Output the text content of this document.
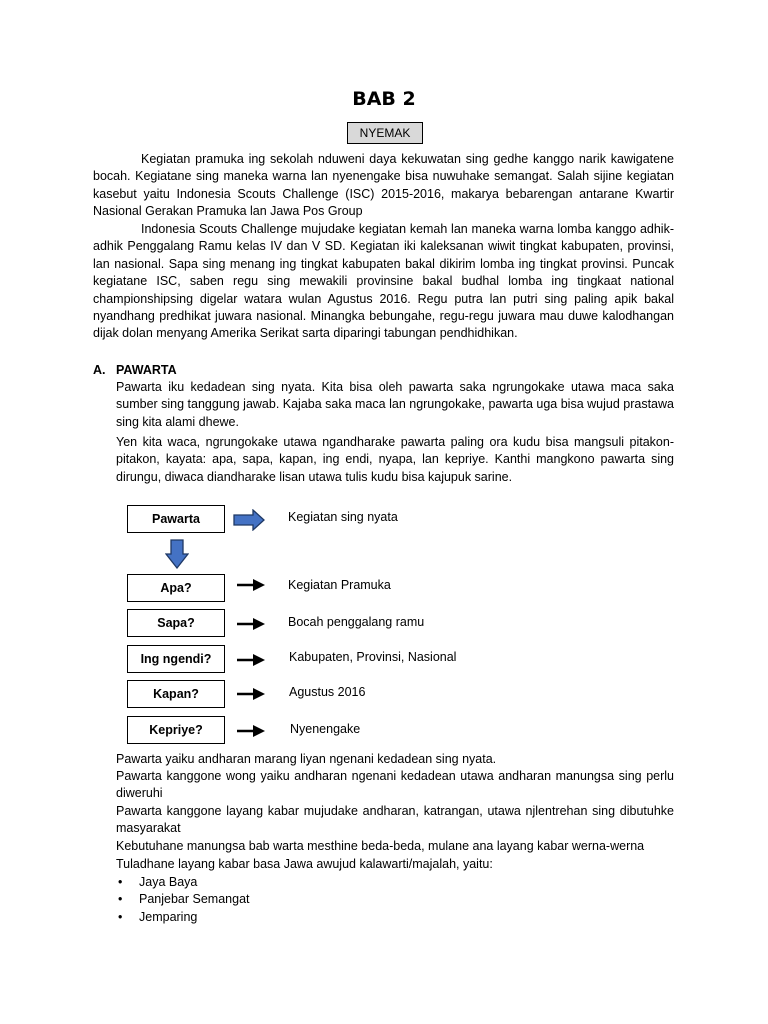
BAB 2
NYEMAK

Kegiatan pramuka ing sekolah nduweni daya kekuwatan sing gedhe kanggo narik kawigatene bocah. Kegiatane sing maneka warna lan nyenengake bisa nuwuhake semangat. Salah sijine kegiatan kasebut yaitu Indonesia Scouts Challenge (ISC) 2015-2016, makarya bebarengan antarane Kwartir Nasional Gerakan Pramuka lan Jawa Pos Group

Indonesia Scouts Challenge mujudake kegiatan kemah lan maneka warna lomba kanggo adhik-adhik Penggalang Ramu kelas IV dan V SD. Kegiatan iki kaleksanan wiwit tingkat kabupaten, provinsi, lan nasional. Sapa sing menang ing tingkat kabupaten bakal dikirim lomba ing tingkat provinsi. Puncak kegiatane ISC, saben regu sing mewakili provinsine bakal budhal lomba ing tingkaat national championshipsing digelar watara wulan Agustus 2016. Regu putra lan putri sing paling apik bakal nyandhang predhikat juwara nasional. Minangka bebungahe, regu-regu juwara mau duwe kalodhangan dijak dolan menyang Amerika Serikat sarta diparingi tabungan pendhidhikan.

A. PAWARTA

Pawarta iku kedadean sing nyata. Kita bisa oleh pawarta saka ngrungokake utawa maca saka sumber sing tanggung jawab. Kajaba saka maca lan ngrungokake, pawarta uga bisa wujud prastawa sing kita alami dhewe.

Yen kita waca, ngrungokake utawa ngandharake pawarta paling ora kudu bisa mangsuli pitakon-pitakon, kayata: apa, sapa, kapan, ing endi, nyapa, lan kepriye. Kanthi mangkono pawarta sing dirungu, diwaca diandharake lisan utawa tulis kudu bisa kajupuk sarine.

Pawarta	Kegiatan sing nyata
Apa?	Kegiatan Pramuka
Sapa?	Bocah penggalang ramu
Ing ngendi?	Kabupaten, Provinsi, Nasional
Kapan?	Agustus 2016
Kepriye?	Nyenengake

Pawarta yaiku andharan marang liyan ngenani kedadean sing nyata.

Pawarta kanggone wong yaiku andharan ngenani kedadean utawa andharan manungsa sing perlu diweruhi

Pawarta kanggone layang kabar mujudake andharan, katrangan, utawa njlentrehan sing dibutuhke masyarakat

Kebutuhane manungsa bab warta mesthine beda-beda, mulane ana layang kabar werna-werna

Tuladhane layang kabar basa Jawa awujud kalawarti/majalah, yaitu:

• Jaya Baya
• Panjebar Semangat
• Jemparing
